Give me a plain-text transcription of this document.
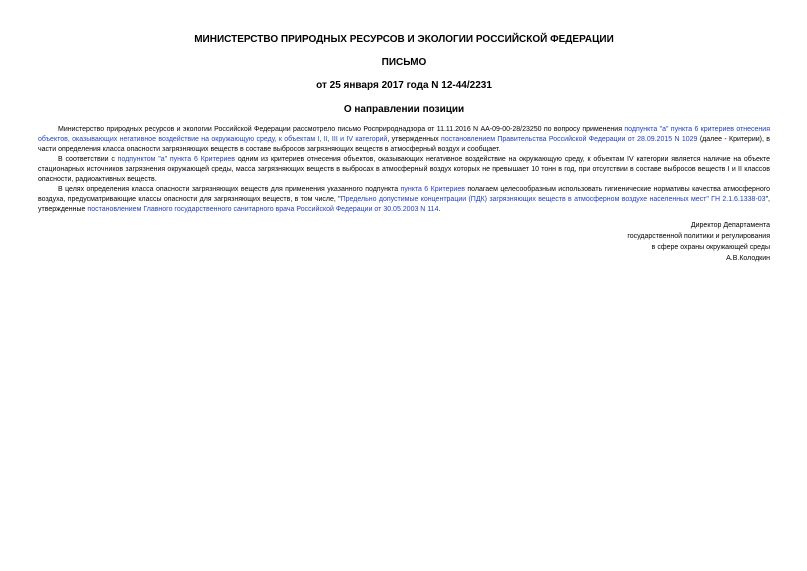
МИНИСТЕРСТВО ПРИРОДНЫХ РЕСУРСОВ И ЭКОЛОГИИ РОССИЙСКОЙ ФЕДЕРАЦИИ

ПИСЬМО

от 25 января 2017 года N 12-44/2231

О направлении позиции

Министерство природных ресурсов и экологии Российской Федерации рассмотрело письмо Росприроднадзора от 11.11.2016 N АА-09-00-28/23250 по вопросу применения подпункта "а" пункта 6 критериев отнесения объектов, оказывающих негативное воздействие на окружающую среду, к объектам I, II, III и IV категорий, утвержденных постановлением Правительства Российской Федерации от 28.09.2015 N 1029 (далее - Критерии), в части определения класса опасности загрязняющих веществ в составе выбросов загрязняющих веществ в атмосферный воздух и сообщает.

В соответствии с подпунктом "а" пункта 6 Критериев одним из критериев отнесения объектов, оказывающих негативное воздействие на окружающую среду, к объектам IV категории является наличие на объекте стационарных источников загрязнения окружающей среды, масса загрязняющих веществ в выбросах в атмосферный воздух которых не превышает 10 тонн в год, при отсутствии в составе выбросов веществ I и II классов опасности, радиоактивных веществ.

В целях определения класса опасности загрязняющих веществ для применения указанного подпункта пункта 6 Критериев полагаем целесообразным использовать гигиенические нормативы качества атмосферного воздуха, предусматривающие классы опасности для загрязняющих веществ, в том числе, "Предельно допустимые концентрации (ПДК) загрязняющих веществ в атмосферном воздухе населенных мест" ГН 2.1.6.1338-03", утвержденные постановлением Главного государственного санитарного врача Российской Федерации от 30.05.2003 N 114.

Директор Департамента
государственной политики и регулирования
в сфере охраны окружающей среды
А.В.Колодкин
